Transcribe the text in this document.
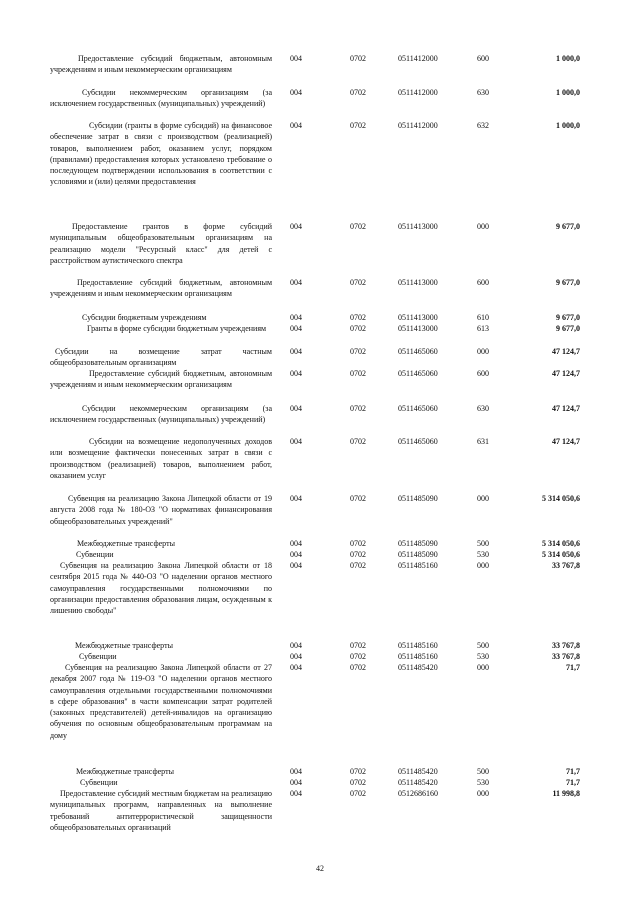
Предоставление субсидий бюджетным, автономным учреждениям и иным некоммерческим организациям
004	0702	0511412000	600	1 000,0
Субсидии некоммерческим организациям (за исключением государственных (муниципальных) учреждений)
004	0702	0511412000	630	1 000,0
Субсидии (гранты в форме субсидий) на финансовое обеспечение затрат в связи с производством (реализацией) товаров, выполнением работ, оказанием услуг, порядком (правилами) предоставления которых установлено требование о последующем подтверждении использования в соответствии с условиями и (или) целями предоставления
004	0702	0511412000	632	1 000,0
Предоставление грантов в форме субсидий муниципальным общеобразовательным организациям на реализацию модели "Ресурсный класс" для детей с расстройством аутистического спектра
004	0702	0511413000	000	9 677,0
Предоставление субсидий бюджетным, автономным учреждениям и иным некоммерческим организациям
004	0702	0511413000	600	9 677,0
Субсидии бюджетным учреждениям	004	0702	0511413000	610	9 677,0
Гранты в форме субсидии бюджетным учреждениям	004	0702	0511413000	613	9 677,0
Субсидии на возмещение затрат частным общеобразовательным организациям
004	0702	0511465060	000	47 124,7
Предоставление субсидий бюджетным, автономным учреждениям и иным некоммерческим организациям
004	0702	0511465060	600	47 124,7
Субсидии некоммерческим организациям (за исключением государственных (муниципальных) учреждений)
004	0702	0511465060	630	47 124,7
Субсидии на возмещение недополученных доходов или возмещение фактически понесенных затрат в связи с производством (реализацией) товаров, выполнением работ, оказанием услуг
004	0702	0511465060	631	47 124,7
Субвенция на реализацию Закона Липецкой области от 19 августа 2008 года № 180-ОЗ "О нормативах финансирования общеобразовательных учреждений"
004	0702	0511485090	000	5 314 050,6
Межбюджетные трансферты	004	0702	0511485090	500	5 314 050,6
Субвенции	004	0702	0511485090	530	5 314 050,6
Субвенция на реализацию Закона Липецкой области от 18 сентября 2015 года № 440-ОЗ "О наделении органов местного самоуправления государственными полномочиями по организации предоставления образования лицам, осужденным к лишению свободы"
004	0702	0511485160	000	33 767,8
Межбюджетные трансферты	004	0702	0511485160	500	33 767,8
Субвенции	004	0702	0511485160	530	33 767,8
Субвенция на реализацию Закона Липецкой области от 27 декабря 2007 года № 119-ОЗ "О наделении органов местного самоуправления отдельными государственными полномочиями в сфере образования" в части компенсации затрат родителей (законных представителей) детей-инвалидов на организацию обучения по основным общеобразовательным программам на дому
004	0702	0511485420	000	71,7
Межбюджетные трансферты	004	0702	0511485420	500	71,7
Субвенции	004	0702	0511485420	530	71,7
Предоставление субсидий местным бюджетам на реализацию муниципальных программ, направленных на выполнение требований антитеррористической защищенности общеобразовательных организаций
004	0702	0512686160	000	11 998,8
42
